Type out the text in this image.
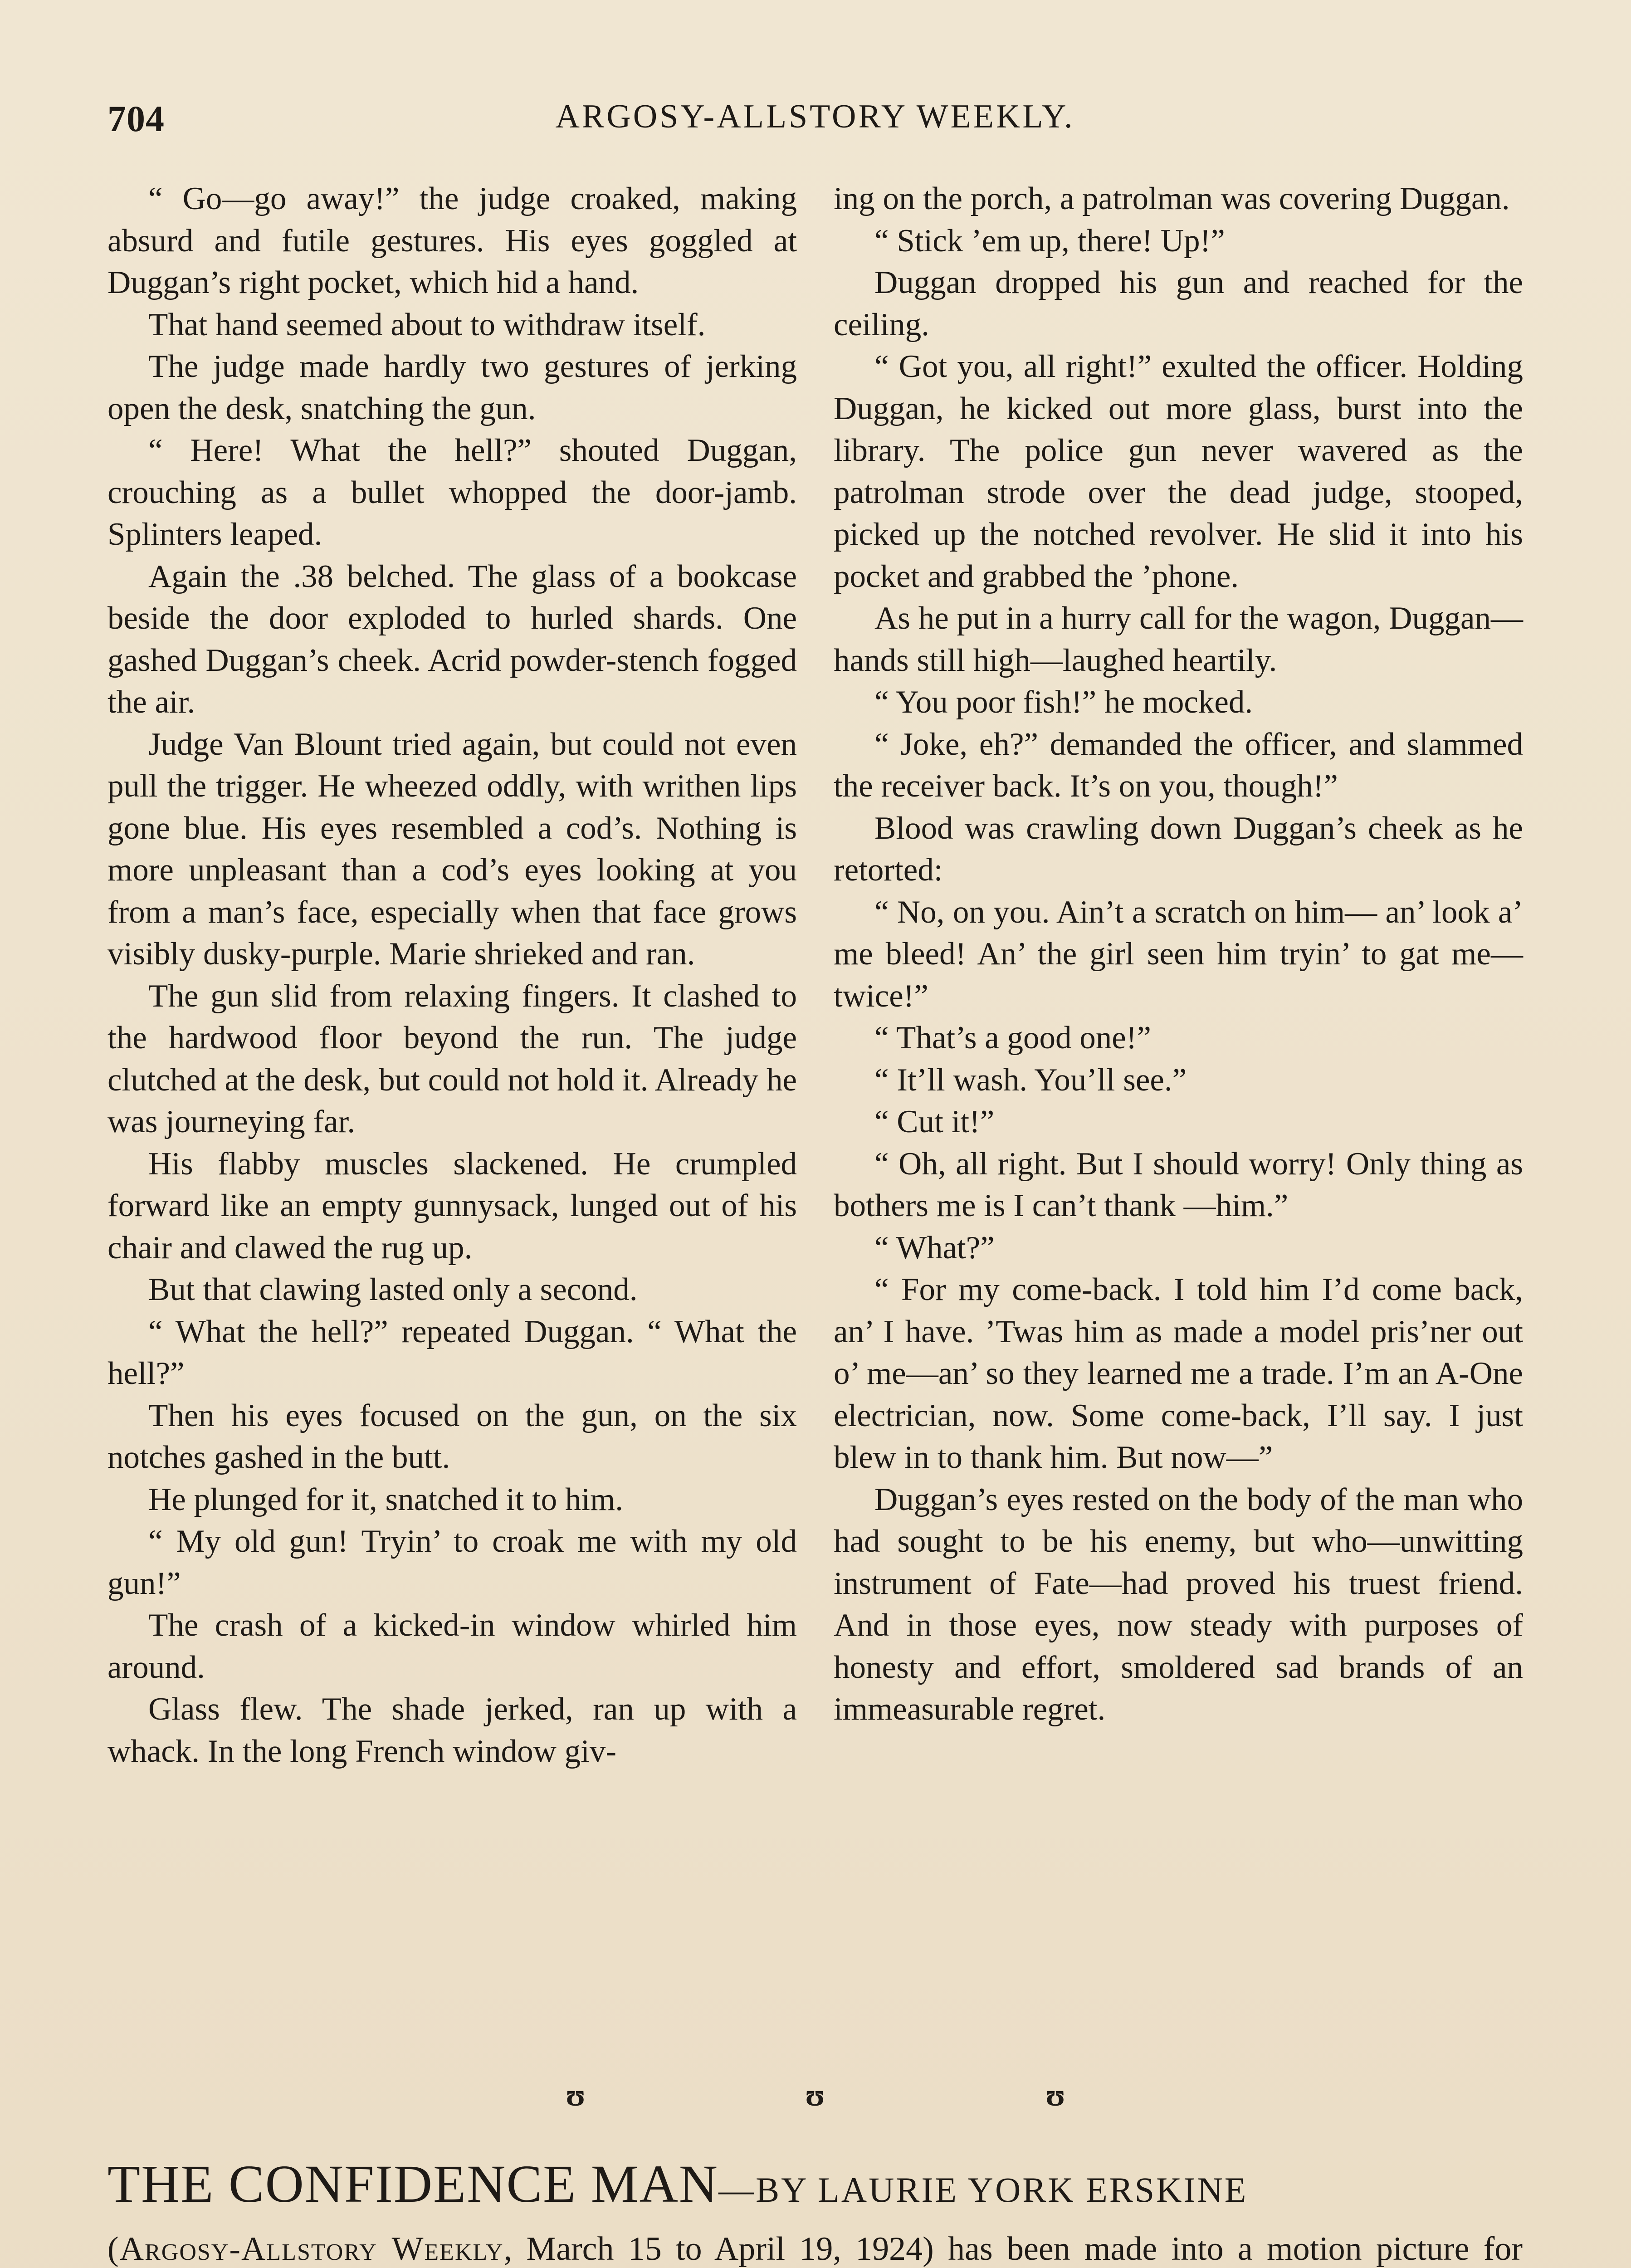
704	ARGOSY-ALLSTORY WEEKLY.

“ Go—go away!” the judge croaked, making absurd and futile gestures. His eyes goggled at Duggan’s right pocket, which hid a hand.

That hand seemed about to withdraw itself.

The judge made hardly two gestures of jerking open the desk, snatching the gun.

“ Here! What the hell?” shouted Duggan, crouching as a bullet whopped the door-jamb. Splinters leaped.

Again the .38 belched. The glass of a bookcase beside the door exploded to hurled shards. One gashed Duggan’s cheek. Acrid powder-stench fogged the air.

Judge Van Blount tried again, but could not even pull the trigger. He wheezed oddly, with writhen lips gone blue. His eyes resembled a cod’s. Nothing is more unpleasant than a cod’s eyes looking at you from a man’s face, especially when that face grows visibly dusky-purple. Marie shrieked and ran.

The gun slid from relaxing fingers. It clashed to the hardwood floor beyond the run. The judge clutched at the desk, but could not hold it. Already he was journeying far.

His flabby muscles slackened. He crumpled forward like an empty gunnysack, lunged out of his chair and clawed the rug up.

But that clawing lasted only a second.

“ What the hell?” repeated Duggan. “ What the hell?”

Then his eyes focused on the gun, on the six notches gashed in the butt.

He plunged for it, snatched it to him.

“ My old gun! Tryin’ to croak me with my old gun!”

The crash of a kicked-in window whirled him around.

Glass flew. The shade jerked, ran up with a whack. In the long French window giv-

ing on the porch, a patrolman was covering Duggan.

“ Stick ’em up, there! Up!”

Duggan dropped his gun and reached for the ceiling.

“ Got you, all right!” exulted the officer. Holding Duggan, he kicked out more glass, burst into the library. The police gun never wavered as the patrolman strode over the dead judge, stooped, picked up the notched revolver. He slid it into his pocket and grabbed the ’phone.

As he put in a hurry call for the wagon, Duggan—hands still high—laughed heartily.

“ You poor fish!” he mocked.

“ Joke, eh?” demanded the officer, and slammed the receiver back. It’s on you, though!”

Blood was crawling down Duggan’s cheek as he retorted:

“ No, on you. Ain’t a scratch on him— an’ look a’ me bleed! An’ the girl seen him tryin’ to gat me—twice!”

“ That’s a good one!”

“ It’ll wash. You’ll see.”

“ Cut it!”

“ Oh, all right. But I should worry! Only thing as bothers me is I can’t thank —him.”

“ What?”

“ For my come-back. I told him I’d come back, an’ I have. ’Twas him as made a model pris’ner out o’ me—an’ so they learned me a trade. I’m an A-One electrician, now. Some come-back, I’ll say. I just blew in to thank him. But now—”

Duggan’s eyes rested on the body of the man who had sought to be his enemy, but who—unwitting instrument of Fate—had proved his truest friend. And in those eyes, now steady with purposes of honesty and effort, smoldered sad brands of an immeasurable regret.

ʊ	ʊ	ʊ
THE CONFIDENCE MAN—BY LAURIE YORK ERSKINE
(Argosy-Allstory Weekly, March 15 to April 19, 1924) has been made into a motion picture for
